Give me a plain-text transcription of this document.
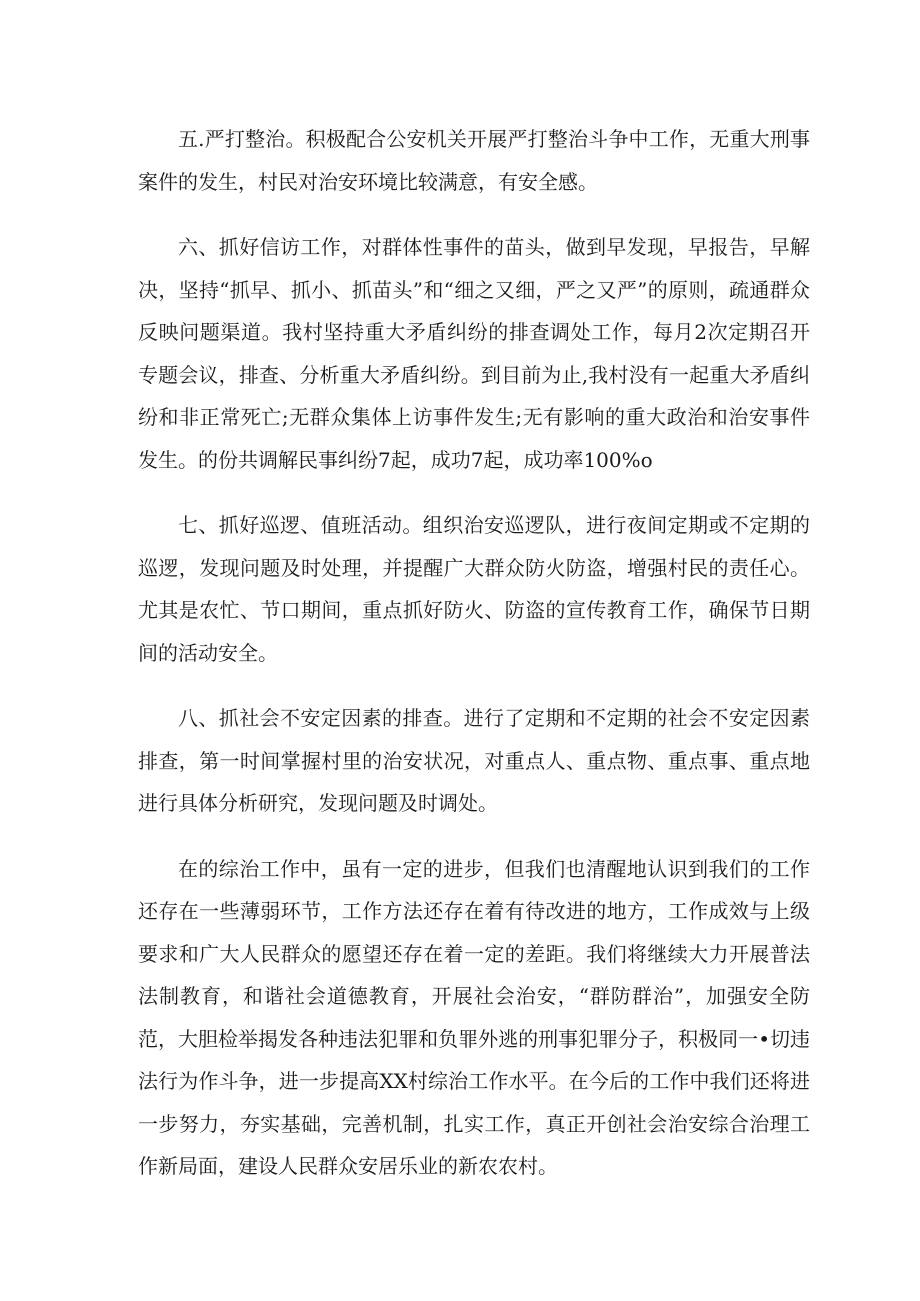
五.严打整治。积极配合公安机关开展严打整治斗争中工作，无重大刑事案件的发生，村民对治安环境比较满意，有安全感。

六、抓好信访工作，对群体性事件的苗头，做到早发现，早报告，早解决，坚持“抓早、抓小、抓苗头”和“细之又细，严之又严”的原则，疏通群众反映问题渠道。我村坚持重大矛盾纠纷的排查调处工作，每月2次定期召开专题会议，排查、分析重大矛盾纠纷。到目前为止,我村没有一起重大矛盾纠纷和非正常死亡;无群众集体上访事件发生;无有影响的重大政治和治安事件发生。的份共调解民事纠纷7起，成功7起，成功率100%o

七、抓好巡逻、值班活动。组织治安巡逻队，进行夜间定期或不定期的巡逻，发现问题及时处理，并提醒广大群众防火防盗，增强村民的责任心。尤其是农忙、节口期间，重点抓好防火、防盗的宣传教育工作，确保节日期间的活动安全。

八、抓社会不安定因素的排查。进行了定期和不定期的社会不安定因素排查，第一时间掌握村里的治安状况，对重点人、重点物、重点事、重点地进行具体分析研究，发现问题及时调处。

在的综治工作中，虽有一定的进步，但我们也清醒地认识到我们的工作还存在一些薄弱环节，工作方法还存在着有待改进的地方，工作成效与上级要求和广大人民群众的愿望还存在着一定的差距。我们将继续大力开展普法法制教育，和谐社会道德教育，开展社会治安，“群防群治”，加强安全防范，大胆检举揭发各种违法犯罪和负罪外逃的刑事犯罪分子，积极同一•切违法行为作斗争，进一步提高XX村综治工作水平。在今后的工作中我们还将进一步努力，夯实基础，完善机制，扎实工作，真正开创社会治安综合治理工作新局面，建设人民群众安居乐业的新农农村。
